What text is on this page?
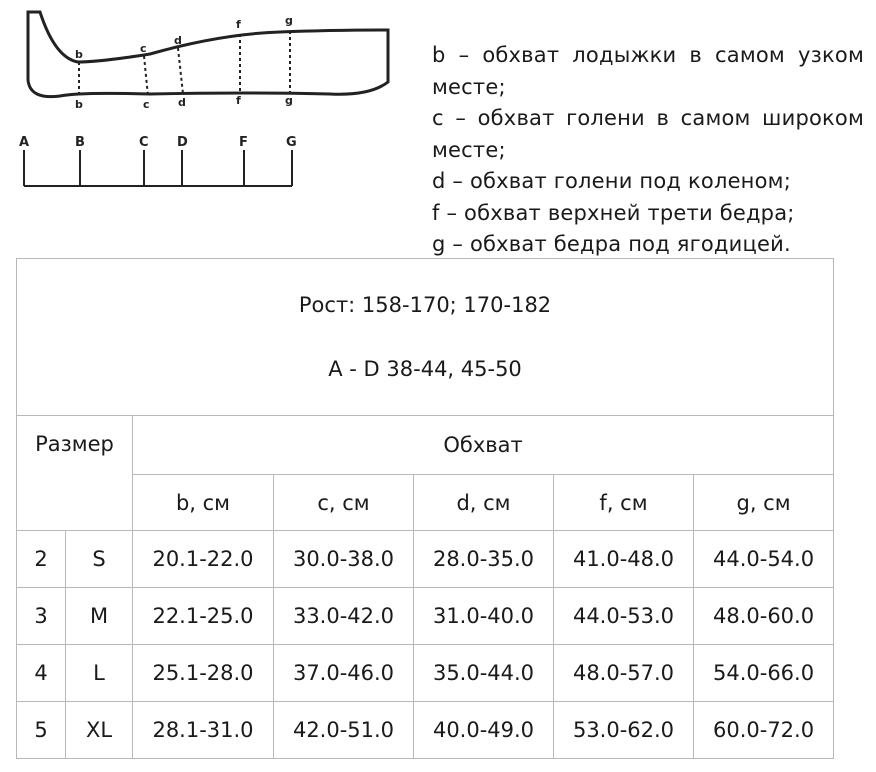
b	c
d
f	g
b	c	d	f	g
A	B	C D	F	G
b – обхват лодыжки в самом узком месте;
c – обхват голени в самом широком месте;
d – обхват голени под коленом;
f – обхват верхней трети бедра;
g – обхват бедра под ягодицей.
Рост: 158-170; 170-182
A - D 38-44, 45-50						

Размер		Обхват				
		b, см	c, см	d, см	f, см	g, см
2	S	20.1-22.0	30.0-38.0	28.0-35.0	41.0-48.0	44.0-54.0
3	M	22.1-25.0	33.0-42.0	31.0-40.0	44.0-53.0	48.0-60.0
4	L	25.1-28.0	37.0-46.0	35.0-44.0	48.0-57.0	54.0-66.0
5	XL	28.1-31.0	42.0-51.0	40.0-49.0	53.0-62.0	60.0-72.0
